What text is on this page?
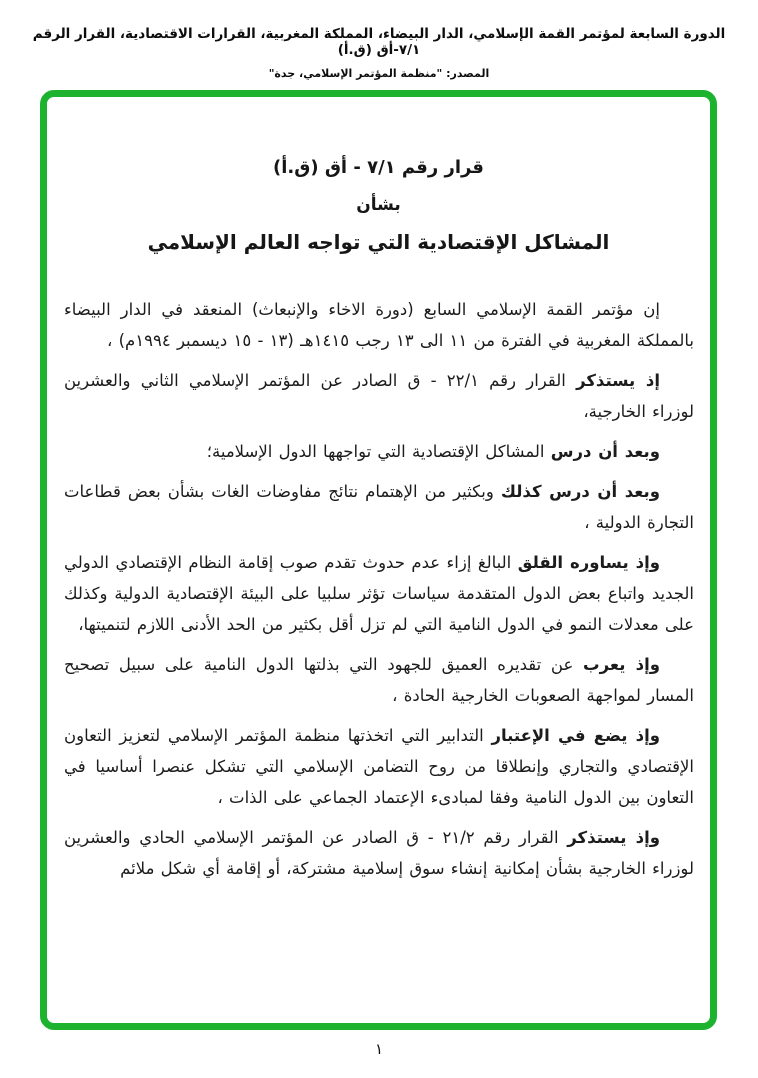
الدورة السابعة لمؤتمر القمة الإسلامي، الدار البيضاء، المملكة المغربية، القرارات الاقتصادية، القرار الرقم ٧/١-أق (ق.أ)
المصدر: "منظمة المؤتمر الإسلامي، جدة"
قرار رقم ٧/١ - أق (ق.أ)
بشأن
المشاكل الإقتصادية التي تواجه العالم الإسلامي

إن مؤتمر القمة الإسلامي السابع (دورة الاخاء والإنبعاث) المنعقد في الدار البيضاء بالمملكة المغربية في الفترة من ١١ الى ١٣ رجب ١٤١٥هـ (١٣ - ١٥ ديسمبر ١٩٩٤م) ،

إذ يستذكر القرار رقم ٢٢/١ - ق الصادر عن المؤتمر الإسلامي الثاني والعشرين لوزراء الخارجية،

وبعد أن درس المشاكل الإقتصادية التي تواجهها الدول الإسلامية؛

وبعد أن درس كذلك وبكثير من الإهتمام نتائج مفاوضات الغات بشأن بعض قطاعات التجارة الدولية ،

وإذ يساوره القلق البالغ إزاء عدم حدوث تقدم صوب إقامة النظام الإقتصادي الدولي الجديد واتباع بعض الدول المتقدمة سياسات تؤثر سلبيا على البيئة الإقتصادية الدولية وكذلك على معدلات النمو في الدول النامية التي لم تزل أقل بكثير من الحد الأدنى اللازم لتنميتها،

وإذ يعرب عن تقديره العميق للجهود التي بذلتها الدول النامية على سبيل تصحيح المسار لمواجهة الصعوبات الخارجية الحادة ،

وإذ يضع في الإعتبار التدابير التي اتخذتها منظمة المؤتمر الإسلامي لتعزيز التعاون الإقتصادي والتجاري وإنطلاقا من روح التضامن الإسلامي التي تشكل عنصرا أساسيا في التعاون بين الدول النامية وفقا لمبادىء الإعتماد الجماعي على الذات ،

وإذ يستذكر القرار رقم ٢١/٢ - ق الصادر عن المؤتمر الإسلامي الحادي والعشرين لوزراء الخارجية بشأن إمكانية إنشاء سوق إسلامية مشتركة، أو إقامة أي شكل ملائم

١
